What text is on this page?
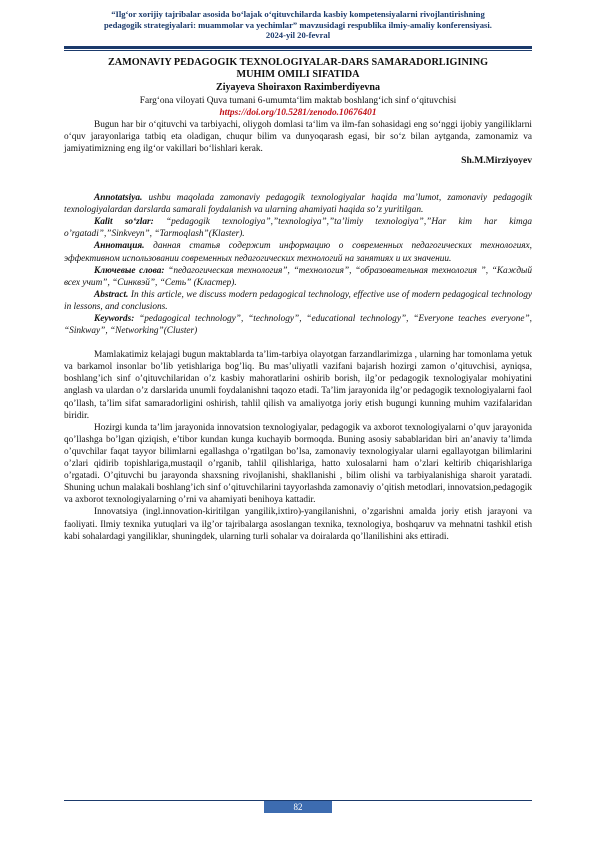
“Ilg‘or xorijiy tajribalar asosida bo‘lajak o‘qituvchilarda kasbiy kompetensiyalarni rivojlantirishning
pedagogik strategiyalari: muammolar va yechimlar” mavzusidagi respublika ilmiy-amaliy konferensiyasi.
2024-yil 20-fevral
ZAMONAVIY PEDAGOGIK TEXNOLOGIYALAR-DARS SAMARADORLIGINING
MUHIM OMILI SIFATIDA
Ziyayeva Shoiraxon Raximberdiyevna
Farg‘ona viloyati Quva tumani 6-umumta‘lim maktab boshlang‘ich sinf o‘qituvchisi
https://doi.org/10.5281/zenodo.10676401

Bugun har bir o‘qituvchi va tarbiyachi, oliygoh domlasi ta‘lim va ilm-fan sohasidagi eng so‘nggi ijobiy yangiliklarni o‘quv jarayonlariga tatbiq eta oladigan, chuqur bilim va dunyoqarash egasi, bir so‘z bilan aytganda, zamonamiz va jamiyatimizning eng ilg‘or vakillari bo‘lishlari kerak.

Sh.M.Mirziyoyev

Annotatsiya. ushbu maqolada zamonaviy pedagogik texnologiyalar haqida ma’lumot, zamonaviy pedagogik texnologiyalardan darslarda samarali foydalanish va ularning ahamiyati haqida so’z yuritilgan.

Kalit so‘zlar: “pedagogik texnologiya”,”texnologiya”,”ta’limiy texnologiya”,”Har kim har kimga o’rgatadi”,”Sinkveyn”, “Tarmoqlash”(Klaster).

Аннотация. данная статья содержит информацию о современных педагогических технологиях, эффективном использовании современных педагогических технологий на занятиях и их значении.

Ключевые слова: “педагогическая технология”, “технология”, “образовательная технология ”, “Каждый всех учит”, “Синквэй”, “Сеть” (Кластер).

Abstract. In this article, we discuss modern pedagogical technology, effective use of modern pedagogical technology in lessons, and conclusions.

Keywords: “pedagogical technology”, “technology”, “educational technology”, “Everyone teaches everyone”, “Sinkway”, “Networking”(Cluster)

Mamlakatimiz kelajagi bugun maktablarda ta’lim-tarbiya olayotgan farzandlarimizga , ularning har tomonlama yetuk va barkamol insonlar bo’lib yetishlariga bog’liq. Bu mas’uliyatli vazifani bajarish hozirgi zamon o’qituvchisi, ayniqsa, boshlang’ich sinf o’qituvchilaridan o’z kasbiy mahoratlarini oshirib borish, ilg’or pedagogik texnologiyalar mohiyatini anglash va ulardan o’z darslarida unumli foydalanishni taqozo etadi. Ta’lim jarayonida ilg’or pedagogik texnologiyalarni faol qo’llash, ta’lim sifat samaradorligini oshirish, tahlil qilish va amaliyotga joriy etish bugungi kunning muhim vazifalaridan biridir.

Hozirgi kunda ta’lim jarayonida innovatsion texnologiyalar, pedagogik va axborot texnologiyalarni o’quv jarayonida qo’llashga bo’lgan qiziqish, e’tibor kundan kunga kuchayib bormoqda. Buning asosiy sabablaridan biri an’anaviy ta’limda o’quvchilar faqat tayyor bilimlarni egallashga o’rgatilgan bo’lsa, zamonaviy texnologiyalar ularni egallayotgan bilimlarini o’zlari qidirib topishlariga,mustaqil o’rganib, tahlil qilishlariga, hatto xulosalarni ham o’zlari keltirib chiqarishlariga o’rgatadi. O’qituvchi bu jarayonda shaxsning rivojlanishi, shakllanishi , bilim olishi va tarbiyalanishiga sharoit yaratadi. Shuning uchun malakali boshlang’ich sinf o’qituvchilarini tayyorlashda zamonaviy o’qitish metodlari, innovatsion,pedagogik va axborot texnologiyalarning o’rni va ahamiyati benihoya kattadir.

Innovatsiya (ingl.innovation-kiritilgan yangilik,ixtiro)-yangilanishni, o’zgarishni amalda joriy etish jarayoni va faoliyati. Ilmiy texnika yutuqlari va ilg’or tajribalarga asoslangan texnika, texnologiya, boshqaruv va mehnatni tashkil etish kabi sohalardagi yangiliklar, shuningdek, ularning turli sohalar va doiralarda qo’llanilishini aks ettiradi.

82
